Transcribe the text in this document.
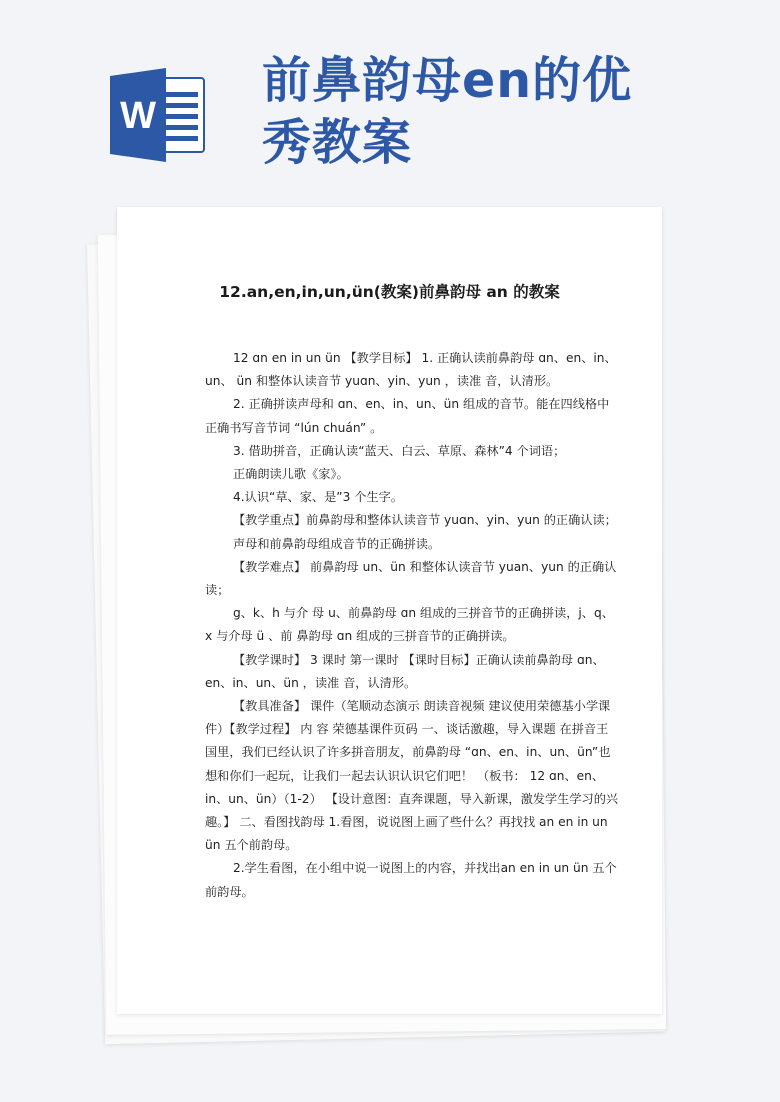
W
前鼻韵母en的优秀教案
12.an,en,in,un,ün(教案)前鼻韵母 an 的教案

12 ɑn en in un ün 【教学目标】 1. 正确认读前鼻韵母 ɑn、en、in、un、 ün 和整体认读音节 yuɑn、yin、yun ，读准 音，认清形。

2. 正确拼读声母和 ɑn、en、in、un、ün 组成的音节。能在四线格中正确书写音节词 “lún chuán” 。

3. 借助拼音，正确认读“蓝天、白云、草原、森林”4 个词语；

正确朗读儿歌《家》。

4.认识“草、家、是”3 个生字。

【教学重点】前鼻韵母和整体认读音节 yuɑn、yin、yun 的正确认读；

声母和前鼻韵母组成音节的正确拼读。

【教学难点】 前鼻韵母 un、ün 和整体认读音节 yuan、yun 的正确认读；

g、k、h 与介 母 u、前鼻韵母 ɑn 组成的三拼音节的正确拼读，j、q、x 与介母 ü 、前 鼻韵母 ɑn 组成的三拼音节的正确拼读。

【教学课时】 3 课时 第一课时 【课时目标】正确认读前鼻韵母 ɑn、en、in、un、ün ，读准 音，认清形。

【教具准备】 课件（笔顺动态演示 朗读音视频 建议使用荣德基小学课件）【教学过程】 内 容 荣德基课件页码 一、谈话激趣，导入课题 在拼音王国里，我们已经认识了许多拼音朋友，前鼻韵母 “ɑn、en、in、un、ün”也想和你们一起玩，让我们一起去认识认识它们吧！ （板书： 12 ɑn、en、in、un、ün）（1-2） 【设计意图：直奔课题，导入新课，激发学生学习的兴趣。】 二、看图找韵母 1.看图，说说图上画了些什么？再找找 an en in un ün 五个前韵母。

2.学生看图，在小组中说一说图上的内容，并找出an en in un ün 五个前韵母。
